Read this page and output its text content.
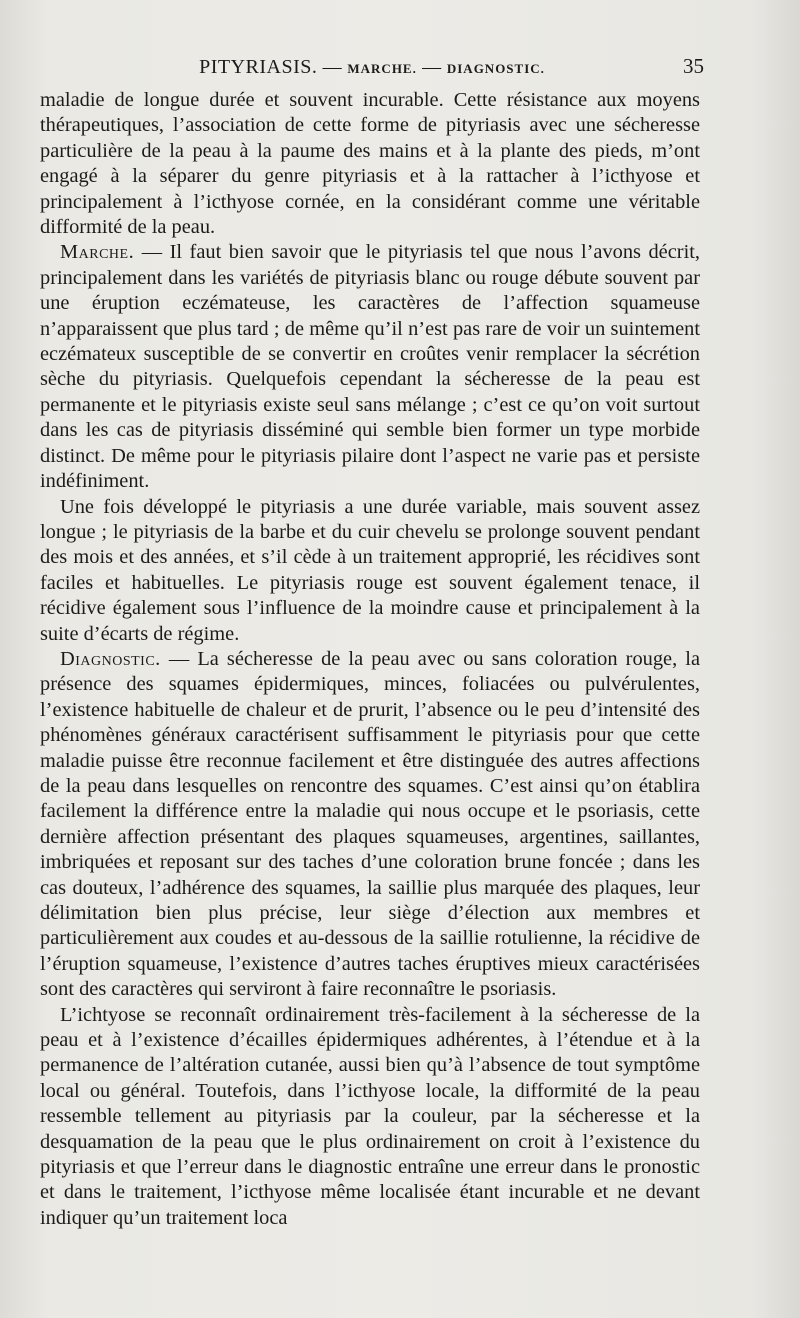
PITYRIASIS. — MARCHE. — DIAGNOSTIC.	35

maladie de longue durée et souvent incurable. Cette résistance aux moyens thérapeutiques, l’association de cette forme de pityriasis avec une sécheresse particulière de la peau à la paume des mains et à la plante des pieds, m’ont engagé à la séparer du genre pityriasis et à la rattacher à l’icthyose et principalement à l’icthyose cornée, en la considérant comme une véritable difformité de la peau.

Marche. — Il faut bien savoir que le pityriasis tel que nous l’avons décrit, principalement dans les variétés de pityriasis blanc ou rouge débute souvent par une éruption eczémateuse, les caractères de l’affection squameuse n’apparaissent que plus tard ; de même qu’il n’est pas rare de voir un suintement eczémateux susceptible de se convertir en croûtes venir remplacer la sécrétion sèche du pityriasis. Quelquefois cependant la sécheresse de la peau est permanente et le pityriasis existe seul sans mélange ; c’est ce qu’on voit surtout dans les cas de pityriasis disséminé qui semble bien former un type morbide distinct. De même pour le pityriasis pilaire dont l’aspect ne varie pas et persiste indéfiniment.

Une fois développé le pityriasis a une durée variable, mais souvent assez longue ; le pityriasis de la barbe et du cuir chevelu se prolonge souvent pendant des mois et des années, et s’il cède à un traitement approprié, les récidives sont faciles et habituelles. Le pityriasis rouge est souvent également tenace, il récidive également sous l’influence de la moindre cause et principalement à la suite d’écarts de régime.

Diagnostic. — La sécheresse de la peau avec ou sans coloration rouge, la présence des squames épidermiques, minces, foliacées ou pulvérulentes, l’existence habituelle de chaleur et de prurit, l’absence ou le peu d’intensité des phénomènes généraux caractérisent suffisamment le pityriasis pour que cette maladie puisse être reconnue facilement et être distinguée des autres affections de la peau dans lesquelles on rencontre des squames. C’est ainsi qu’on établira facilement la différence entre la maladie qui nous occupe et le psoriasis, cette dernière affection présentant des plaques squameuses, argentines, saillantes, imbriquées et reposant sur des taches d’une coloration brune foncée ; dans les cas douteux, l’adhérence des squames, la saillie plus marquée des plaques, leur délimitation bien plus précise, leur siège d’élection aux membres et particulièrement aux coudes et au-dessous de la saillie rotulienne, la récidive de l’éruption squameuse, l’existence d’autres taches éruptives mieux caractérisées sont des caractères qui serviront à faire reconnaître le psoriasis.

L’ichtyose se reconnaît ordinairement très-facilement à la sécheresse de la peau et à l’existence d’écailles épidermiques adhérentes, à l’étendue et à la permanence de l’altération cutanée, aussi bien qu’à l’absence de tout symptôme local ou général. Toutefois, dans l’icthyose locale, la difformité de la peau ressemble tellement au pityriasis par la couleur, par la sécheresse et la desquamation de la peau que le plus ordinairement on croit à l’existence du pityriasis et que l’erreur dans le diagnostic entraîne une erreur dans le pronostic et dans le traitement, l’icthyose même localisée étant incurable et ne devant indiquer qu’un traitement loca
